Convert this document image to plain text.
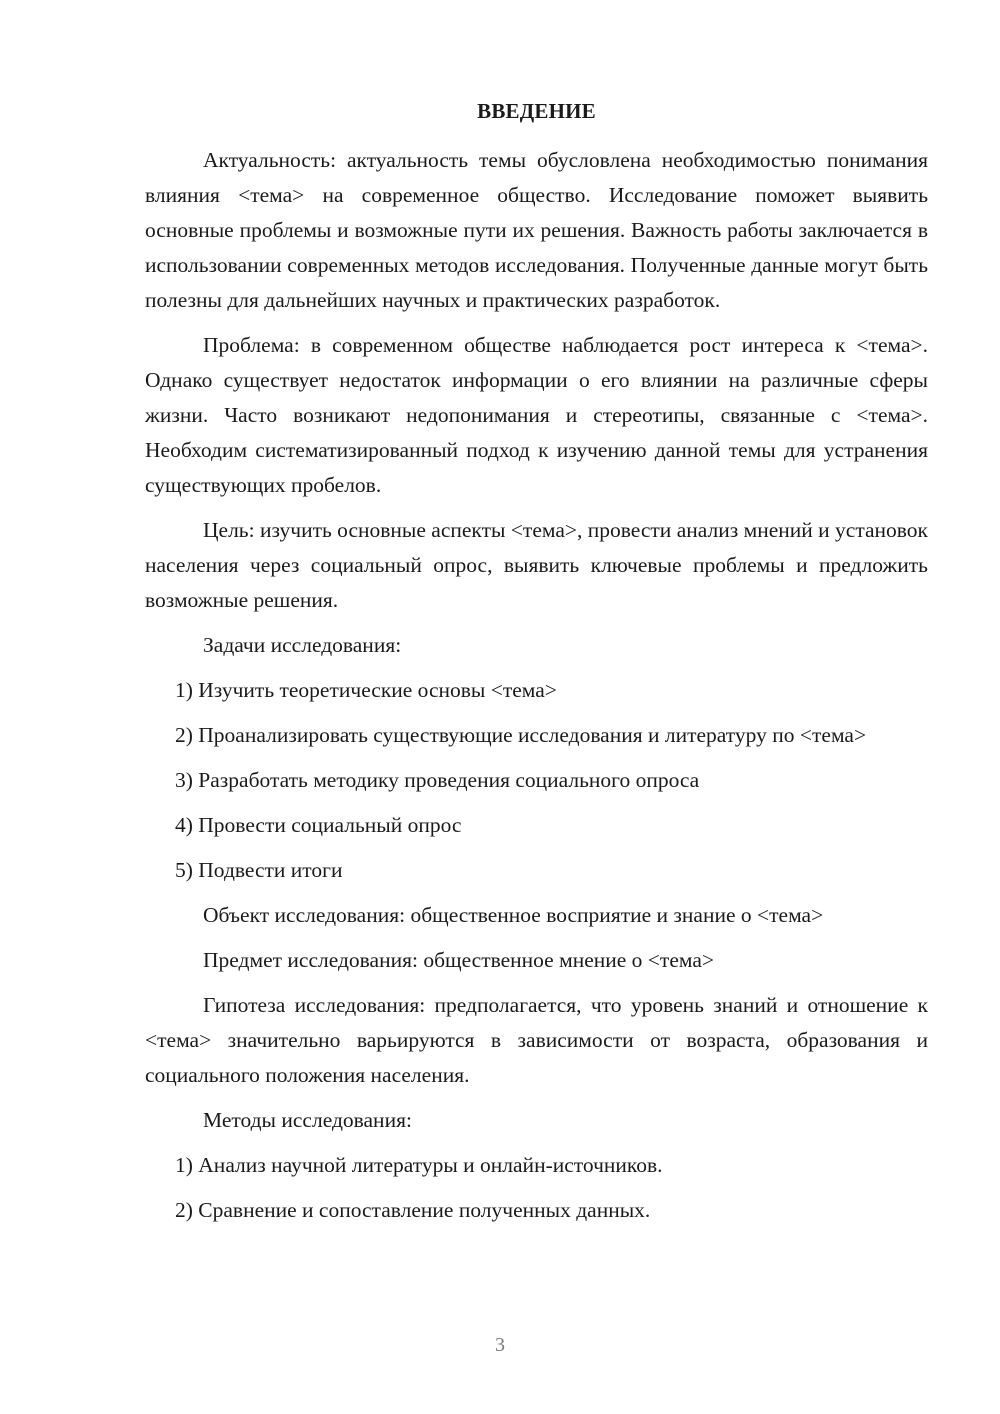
ВВЕДЕНИЕ

Актуальность: актуальность темы обусловлена необходимостью понимания влияния <тема> на современное общество. Исследование поможет выявить основные проблемы и возможные пути их решения. Важность работы заключается в использовании современных методов исследования. Полученные данные могут быть полезны для дальнейших научных и практических разработок.

Проблема: в современном обществе наблюдается рост интереса к <тема>. Однако существует недостаток информации о его влиянии на различные сферы жизни. Часто возникают недопонимания и стереотипы, связанные с <тема>. Необходим систематизированный подход к изучению данной темы для устранения существующих пробелов.

Цель: изучить основные аспекты <тема>, провести анализ мнений и установок населения через социальный опрос, выявить ключевые проблемы и предложить возможные решения.

Задачи исследования:

1) Изучить теоретические основы <тема>

2) Проанализировать существующие исследования и литературу по <тема>

3) Разработать методику проведения социального опроса

4) Провести социальный опрос

5) Подвести итоги

Объект исследования: общественное восприятие и знание о <тема>

Предмет исследования: общественное мнение о <тема>

Гипотеза исследования: предполагается, что уровень знаний и отношение к <тема> значительно варьируются в зависимости от возраста, образования и социального положения населения.

Методы исследования:

1) Анализ научной литературы и онлайн-источников.

2) Сравнение и сопоставление полученных данных.

3
